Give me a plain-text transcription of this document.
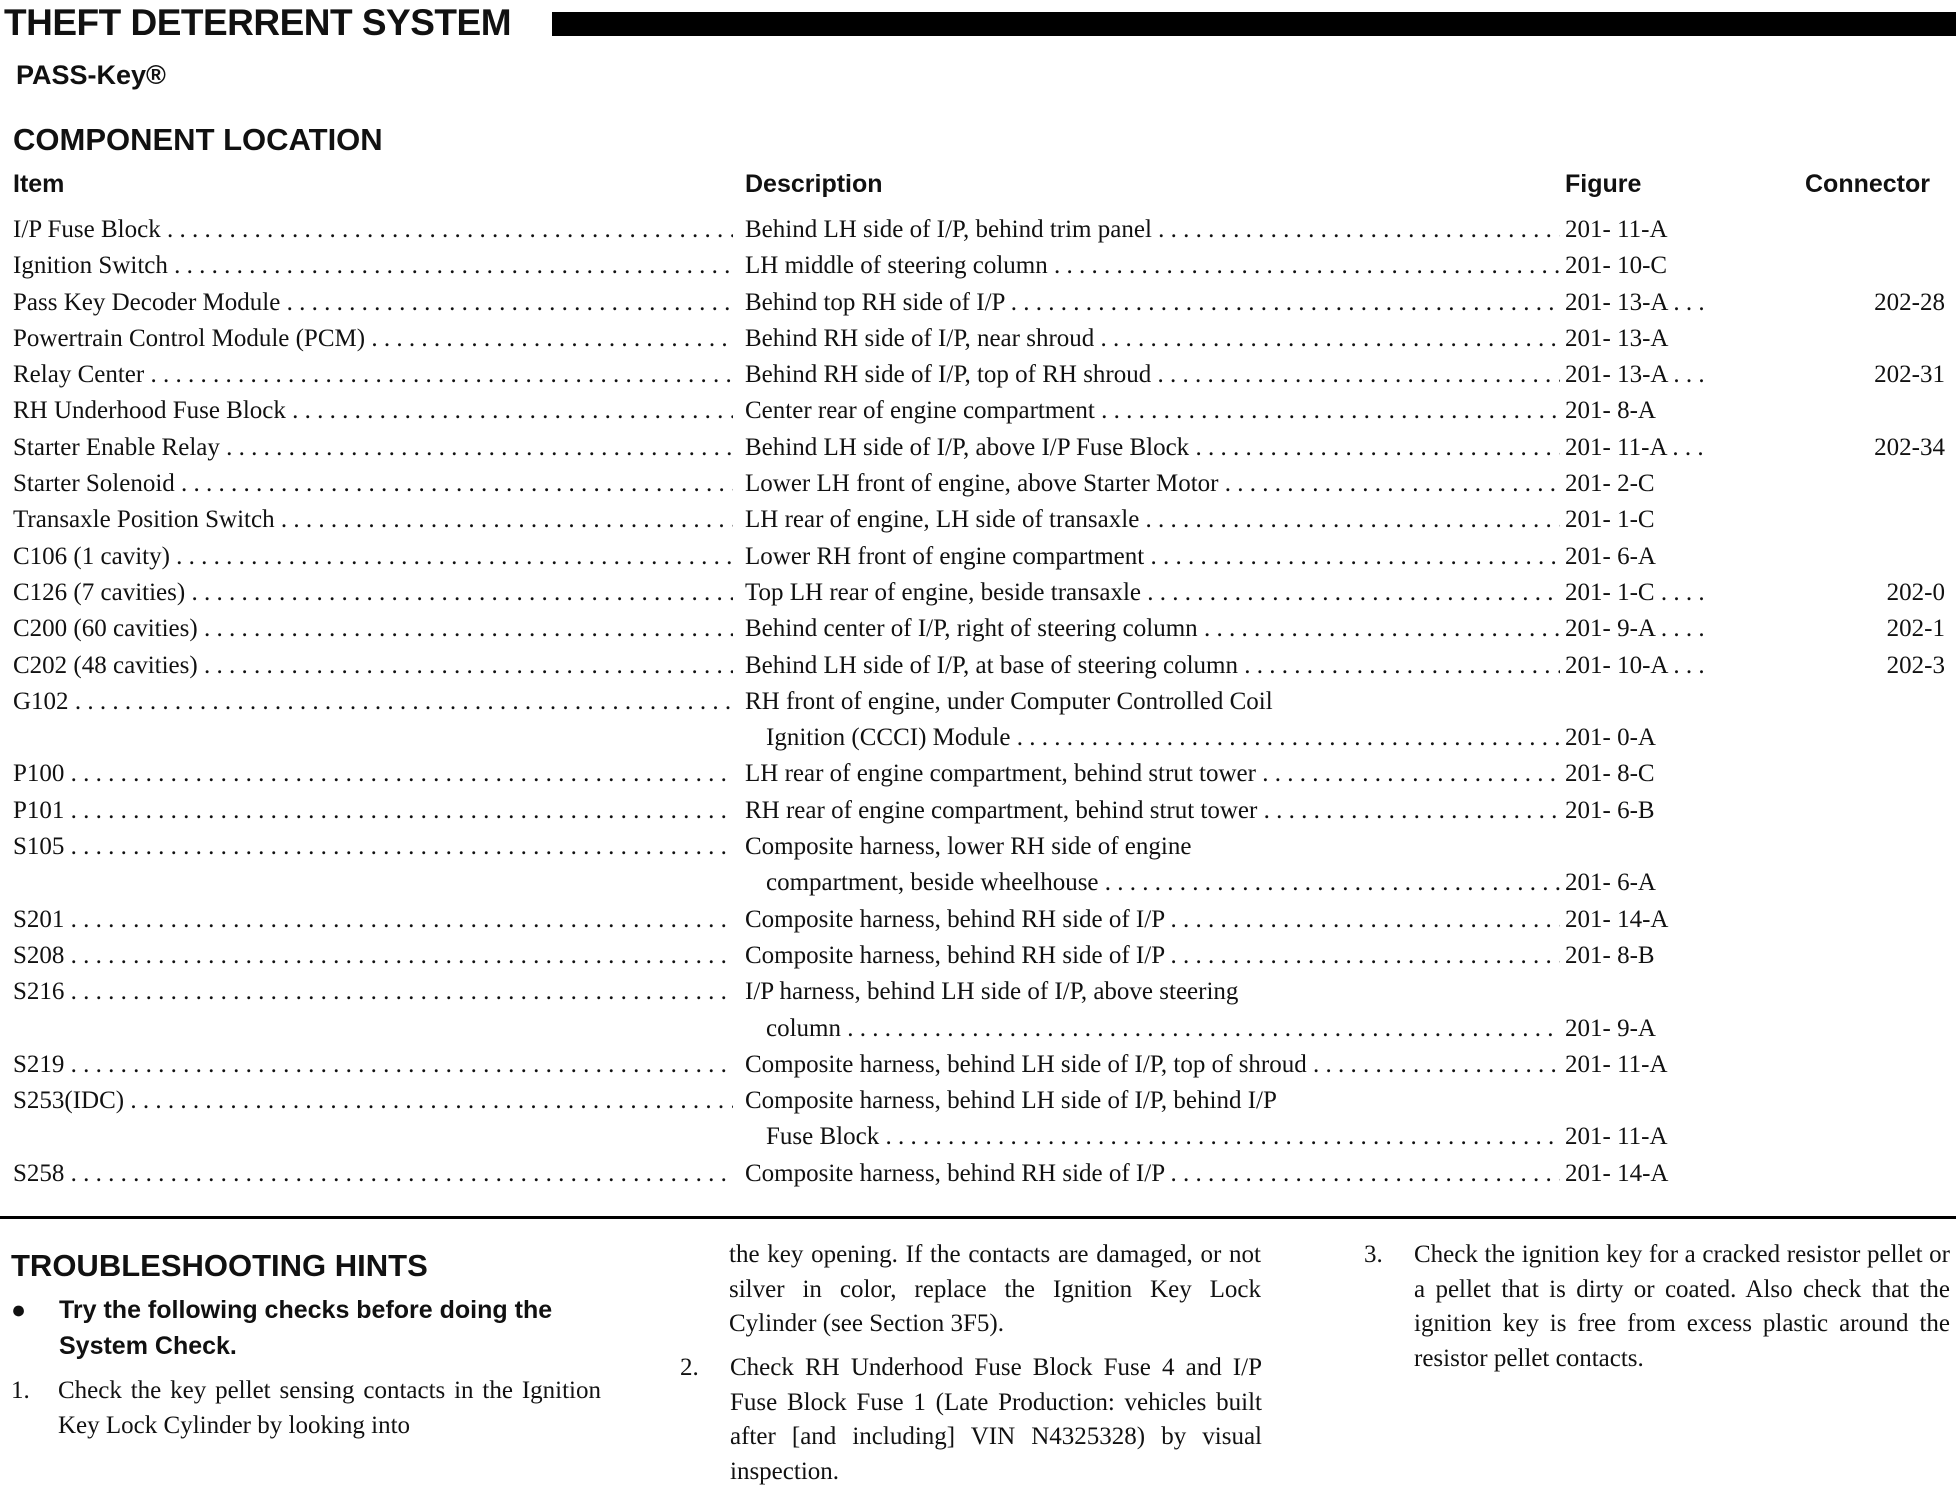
THEFT DETERRENT SYSTEM
PASS-Key®
COMPONENT LOCATION
Item	Description	Figure	Connector
I/P Fuse Block . . .	Behind LH side of I/P, behind trim panel . . .	201- 11-A
Ignition Switch . . .	LH middle of steering column . . .	201- 10-C
Pass Key Decoder Module . . .	Behind top RH side of I/P . . .	201- 13-A . . .	202-28
Powertrain Control Module (PCM) . . .	Behind RH side of I/P, near shroud . . .	201- 13-A
Relay Center . . .	Behind RH side of I/P, top of RH shroud . . .	201- 13-A . . .	202-31
RH Underhood Fuse Block . . .	Center rear of engine compartment . . .	201- 8-A
Starter Enable Relay . . .	Behind LH side of I/P, above I/P Fuse Block . . .	201- 11-A . . .	202-34
Starter Solenoid . . .	Lower LH front of engine, above Starter Motor . . .	201- 2-C
Transaxle Position Switch . . .	LH rear of engine, LH side of transaxle . . .	201- 1-C
C106 (1 cavity) . . .	Lower RH front of engine compartment . . .	201- 6-A
C126 (7 cavities) . . .	Top LH rear of engine, beside transaxle . . .	201- 1-C . . .	202-0
C200 (60 cavities) . . .	Behind center of I/P, right of steering column . . .	201- 9-A . . .	202-1
C202 (48 cavities) . . .	Behind LH side of I/P, at base of steering column . . .	201- 10-A . . .	202-3
G102 . . .	RH front of engine, under Computer Controlled Coil
Ignition (CCCI) Module . . .	201- 0-A
P100 . . .	LH rear of engine compartment, behind strut tower . . .	201- 8-C
P101 . . .	RH rear of engine compartment, behind strut tower . . .	201- 6-B
S105 . . .	Composite harness, lower RH side of engine
compartment, beside wheelhouse . . .	201- 6-A
S201 . . .	Composite harness, behind RH side of I/P . . .	201- 14-A
S208 . . .	Composite harness, behind RH side of I/P . . .	201- 8-B
S216 . . .	I/P harness, behind LH side of I/P, above steering
column . . .	201- 9-A
S219 . . .	Composite harness, behind LH side of I/P, top of shroud . . .	201- 11-A
S253(IDC) . . .	Composite harness, behind LH side of I/P, behind I/P
Fuse Block . . .	201- 11-A
S258 . . .	Composite harness, behind RH side of I/P . . .	201- 14-A
TROUBLESHOOTING HINTS
● Try the following checks before doing the System Check.
1. Check the key pellet sensing contacts in the Ignition Key Lock Cylinder by looking into
the key opening. If the contacts are damaged, or not silver in color, replace the Ignition Key Lock Cylinder (see Section 3F5).
2. Check RH Underhood Fuse Block Fuse 4 and I/P Fuse Block Fuse 1 (Late Production: vehicles built after [and including] VIN N4325328) by visual inspection.
3. Check the ignition key for a cracked resistor pellet or a pellet that is dirty or coated. Also check that the ignition key is free from excess plastic around the resistor pellet contacts.
